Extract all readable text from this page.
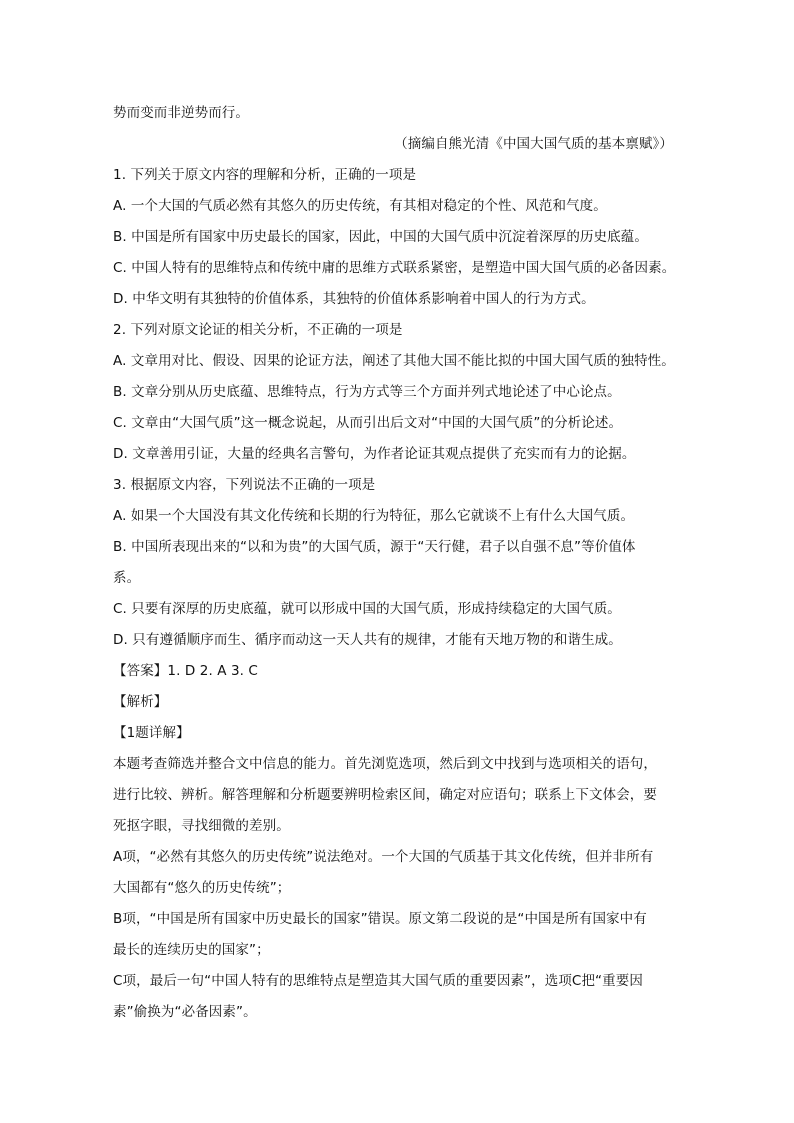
势而变而非逆势而行。
（摘编自熊光清《中国大国气质的基本禀赋》）
1. 下列关于原文内容的理解和分析，正确的一项是
A. 一个大国的气质必然有其悠久的历史传统，有其相对稳定的个性、风范和气度。
B. 中国是所有国家中历史最长的国家，因此，中国的大国气质中沉淀着深厚的历史底蕴。
C. 中国人特有的思维特点和传统中庸的思维方式联系紧密，是塑造中国大国气质的必备因素。
D. 中华文明有其独特的价值体系，其独特的价值体系影响着中国人的行为方式。
2. 下列对原文论证的相关分析，不正确的一项是
A. 文章用对比、假设、因果的论证方法，阐述了其他大国不能比拟的中国大国气质的独特性。
B. 文章分别从历史底蕴、思维特点，行为方式等三个方面并列式地论述了中心论点。
C. 文章由“大国气质”这一概念说起，从而引出后文对“中国的大国气质”的分析论述。
D. 文章善用引证，大量的经典名言警句，为作者论证其观点提供了充实而有力的论据。
3. 根据原文内容，下列说法不正确的一项是
A. 如果一个大国没有其文化传统和长期的行为特征，那么它就谈不上有什么大国气质。
B. 中国所表现出来的“以和为贵”的大国气质，源于“天行健，君子以自强不息”等价值体
系。
C. 只要有深厚的历史底蕴，就可以形成中国的大国气质，形成持续稳定的大国气质。
D. 只有遵循顺序而生、循序而动这一天人共有的规律，才能有天地万物的和谐生成。
【答案】1. D 2. A 3. C
【解析】
【1题详解】
本题考查筛选并整合文中信息的能力。首先浏览选项，然后到文中找到与选项相关的语句，
进行比较、辨析。解答理解和分析题要辨明检索区间，确定对应语句；联系上下文体会，要
死抠字眼，寻找细微的差别。
A项，“必然有其悠久的历史传统”说法绝对。一个大国的气质基于其文化传统，但并非所有
大国都有“悠久的历史传统”；
B项，“中国是所有国家中历史最长的国家”错误。原文第二段说的是“中国是所有国家中有
最长的连续历史的国家”；
C项，最后一句“中国人特有的思维特点是塑造其大国气质的重要因素”，选项C把“重要因
素”偷换为“必备因素”。
